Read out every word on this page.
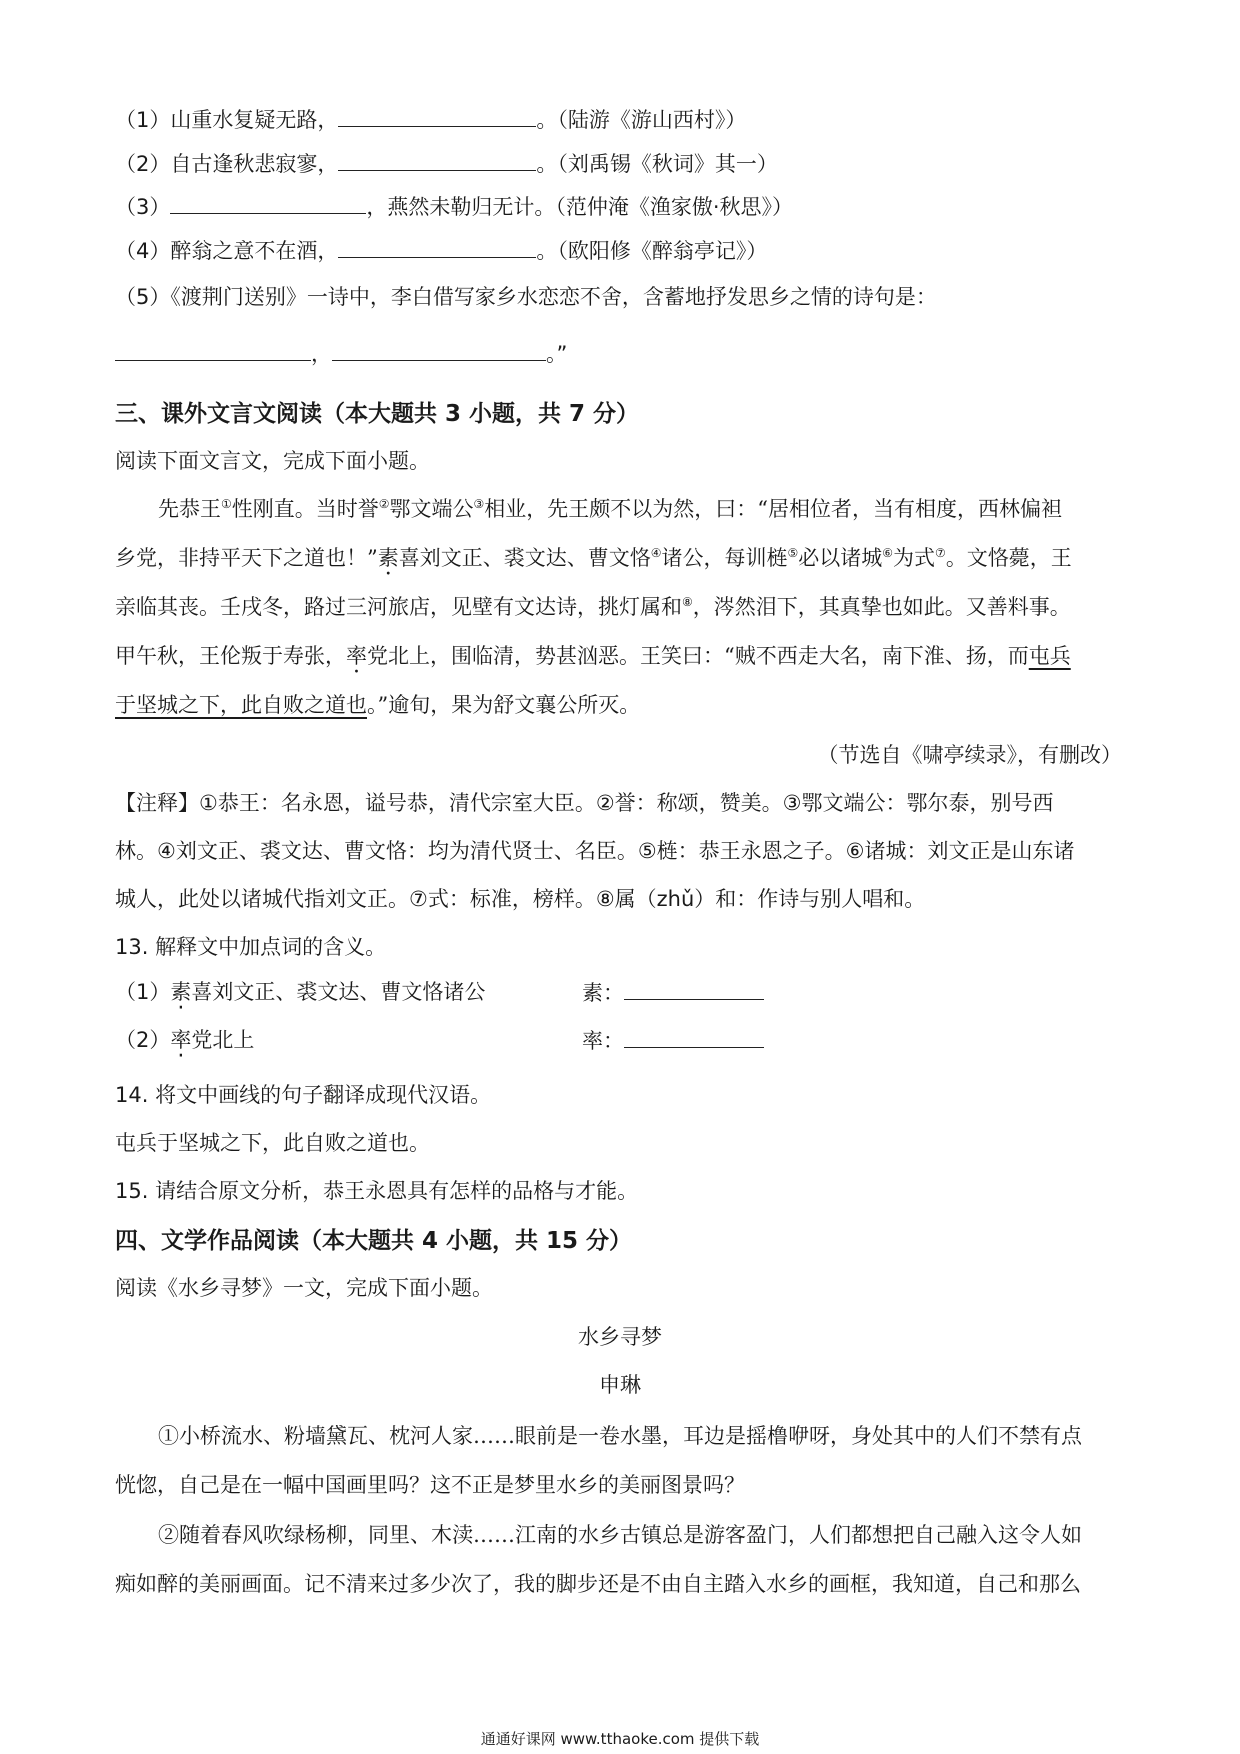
（1）山重水复疑无路，	。（陆游《游山西村》）
（2）自古逢秋悲寂寥，	。（刘禹锡《秋词》其一）
（3）	，燕然未勒归无计。（范仲淹《渔家傲·秋思》）
（4）醉翁之意不在酒，	。（欧阳修《醉翁亭记》）
（5）《渡荆门送别》一诗中，李白借写家乡水恋恋不舍，含蓄地抒发思乡之情的诗句是：
，	。”
三、课外文言文阅读（本大题共 3 小题，共 7 分）
阅读下面文言文，完成下面小题。
先恭王①性刚直。当时誉②鄂文端公③相业，先王颇不以为然，曰：“居相位者，当有相度，西林偏袒
乡党，非持平天下之道也！”素喜刘文正、裘文达、曹文恪④诸公，每训梿⑤必以诸城⑥为式⑦。文恪薨，王
亲临其丧。壬戌冬，路过三河旅店，见壁有文达诗，挑灯属和⑧，涔然泪下，其真挚也如此。又善料事。
甲午秋，王伦叛于寿张，率党北上，围临清，势甚汹恶。王笑曰：“贼不西走大名，南下淮、扬，而屯兵
于坚城之下，此自败之道也。”逾旬，果为舒文襄公所灭。
（节选自《啸亭续录》，有删改）
【注释】①恭王：名永恩，谥号恭，清代宗室大臣。②誉：称颂，赞美。③鄂文端公：鄂尔泰，别号西
林。④刘文正、裘文达、曹文恪：均为清代贤士、名臣。⑤梿：恭王永恩之子。⑥诸城：刘文正是山东诸
城人，此处以诸城代指刘文正。⑦式：标准，榜样。⑧属（zhǔ）和：作诗与别人唱和。
13. 解释文中加点词的含义。
（1）素喜刘文正、裘文达、曹文恪诸公	素：
（2）率党北上	率：
14. 将文中画线的句子翻译成现代汉语。
屯兵于坚城之下，此自败之道也。
15. 请结合原文分析，恭王永恩具有怎样的品格与才能。
四、文学作品阅读（本大题共 4 小题，共 15 分）
阅读《水乡寻梦》一文，完成下面小题。
水乡寻梦
申琳
①小桥流水、粉墙黛瓦、枕河人家……眼前是一卷水墨，耳边是摇橹咿呀，身处其中的人们不禁有点
恍惚，自己是在一幅中国画里吗？这不正是梦里水乡的美丽图景吗？
②随着春风吹绿杨柳，同里、木渎……江南的水乡古镇总是游客盈门，人们都想把自己融入这令人如
痴如醉的美丽画面。记不清来过多少次了，我的脚步还是不由自主踏入水乡的画框，我知道，自己和那么
通通好课网 www.tthaoke.com 提供下载
